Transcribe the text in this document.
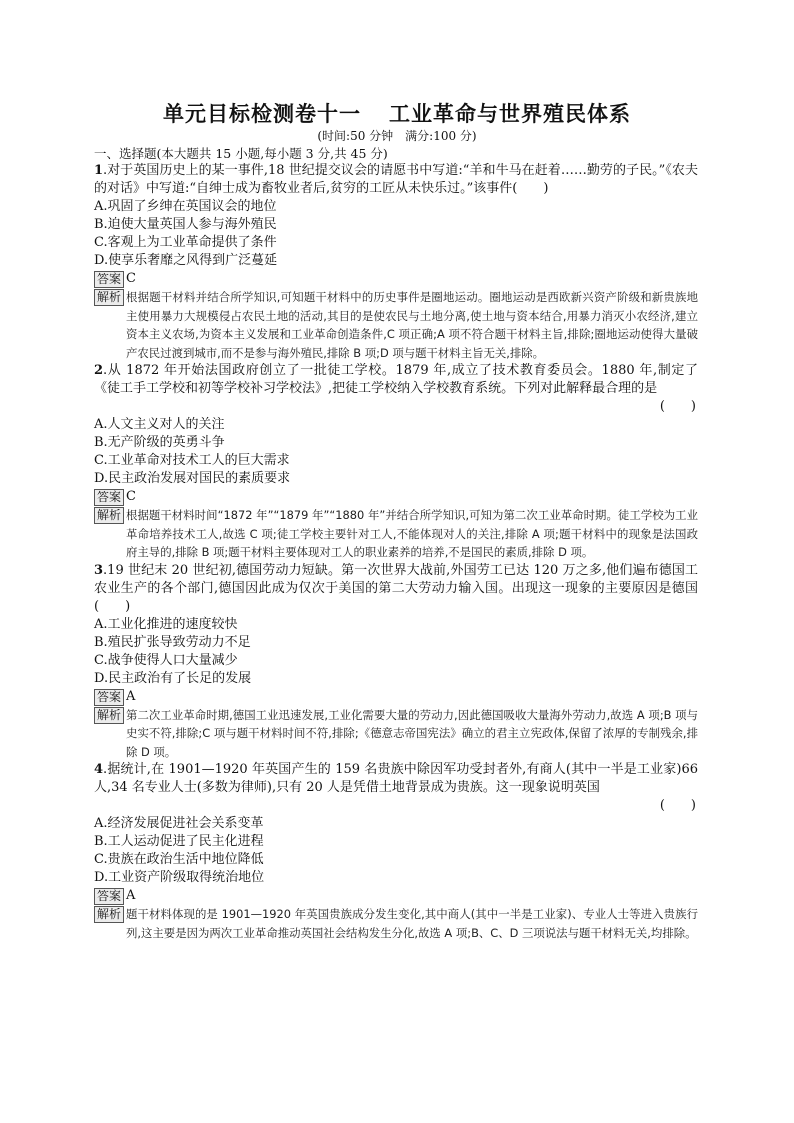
单元目标检测卷十一 工业革命与世界殖民体系
(时间:50 分钟　满分:100 分)
一、选择题(本大题共 15 小题,每小题 3 分,共 45 分)
1.对于英国历史上的某一事件,18 世纪提交议会的请愿书中写道:“羊和牛马在赶着……勤劳的子民。”《农夫的对话》中写道:“自绅士成为畜牧业者后,贫穷的工匠从未快乐过。”该事件(　　)
A.巩固了乡绅在英国议会的地位
B.迫使大量英国人参与海外殖民
C.客观上为工业革命提供了条件
D.使享乐奢靡之风得到广泛蔓延
答案 C
解析 根据题干材料并结合所学知识,可知题干材料中的历史事件是圈地运动。圈地运动是西欧新兴资产阶级和新贵族地主使用暴力大规模侵占农民土地的活动,其目的是使农民与土地分离,使土地与资本结合,用暴力消灭小农经济,建立资本主义农场,为资本主义发展和工业革命创造条件,C 项正确;A 项不符合题干材料主旨,排除;圈地运动使得大量破产农民过渡到城市,而不是参与海外殖民,排除 B 项;D 项与题干材料主旨无关,排除。
2.从 1872 年开始法国政府创立了一批徒工学校。1879 年,成立了技术教育委员会。1880 年,制定了《徒工手工学校和初等学校补习学校法》,把徒工学校纳入学校教育系统。下列对此解释最合理的是
(　　)
A.人文主义对人的关注
B.无产阶级的英勇斗争
C.工业革命对技术工人的巨大需求
D.民主政治发展对国民的素质要求
答案 C
解析 根据题干材料时间“1872 年”“1879 年”“1880 年”并结合所学知识,可知为第二次工业革命时期。徒工学校为工业革命培养技术工人,故选 C 项;徒工学校主要针对工人,不能体现对人的关注,排除 A 项;题干材料中的现象是法国政府主导的,排除 B 项;题干材料主要体现对工人的职业素养的培养,不是国民的素质,排除 D 项。
3.19 世纪末 20 世纪初,德国劳动力短缺。第一次世界大战前,外国劳工已达 120 万之多,他们遍布德国工农业生产的各个部门,德国因此成为仅次于美国的第二大劳动力输入国。出现这一现象的主要原因是德国(　　)
A.工业化推进的速度较快
B.殖民扩张导致劳动力不足
C.战争使得人口大量减少
D.民主政治有了长足的发展
答案 A
解析 第二次工业革命时期,德国工业迅速发展,工业化需要大量的劳动力,因此德国吸收大量海外劳动力,故选 A 项;B 项与史实不符,排除;C 项与题干材料时间不符,排除;《德意志帝国宪法》确立的君主立宪政体,保留了浓厚的专制残余,排除 D 项。
4.据统计,在 1901—1920 年英国产生的 159 名贵族中除因军功受封者外,有商人(其中一半是工业家)66 人,34 名专业人士(多数为律师),只有 20 人是凭借土地背景成为贵族。这一现象说明英国
(　　)
A.经济发展促进社会关系变革
B.工人运动促进了民主化进程
C.贵族在政治生活中地位降低
D.工业资产阶级取得统治地位
答案 A
解析 题干材料体现的是 1901—1920 年英国贵族成分发生变化,其中商人(其中一半是工业家)、专业人士等进入贵族行列,这主要是因为两次工业革命推动英国社会结构发生分化,故选 A 项;B、C、D 三项说法与题干材料无关,均排除。
